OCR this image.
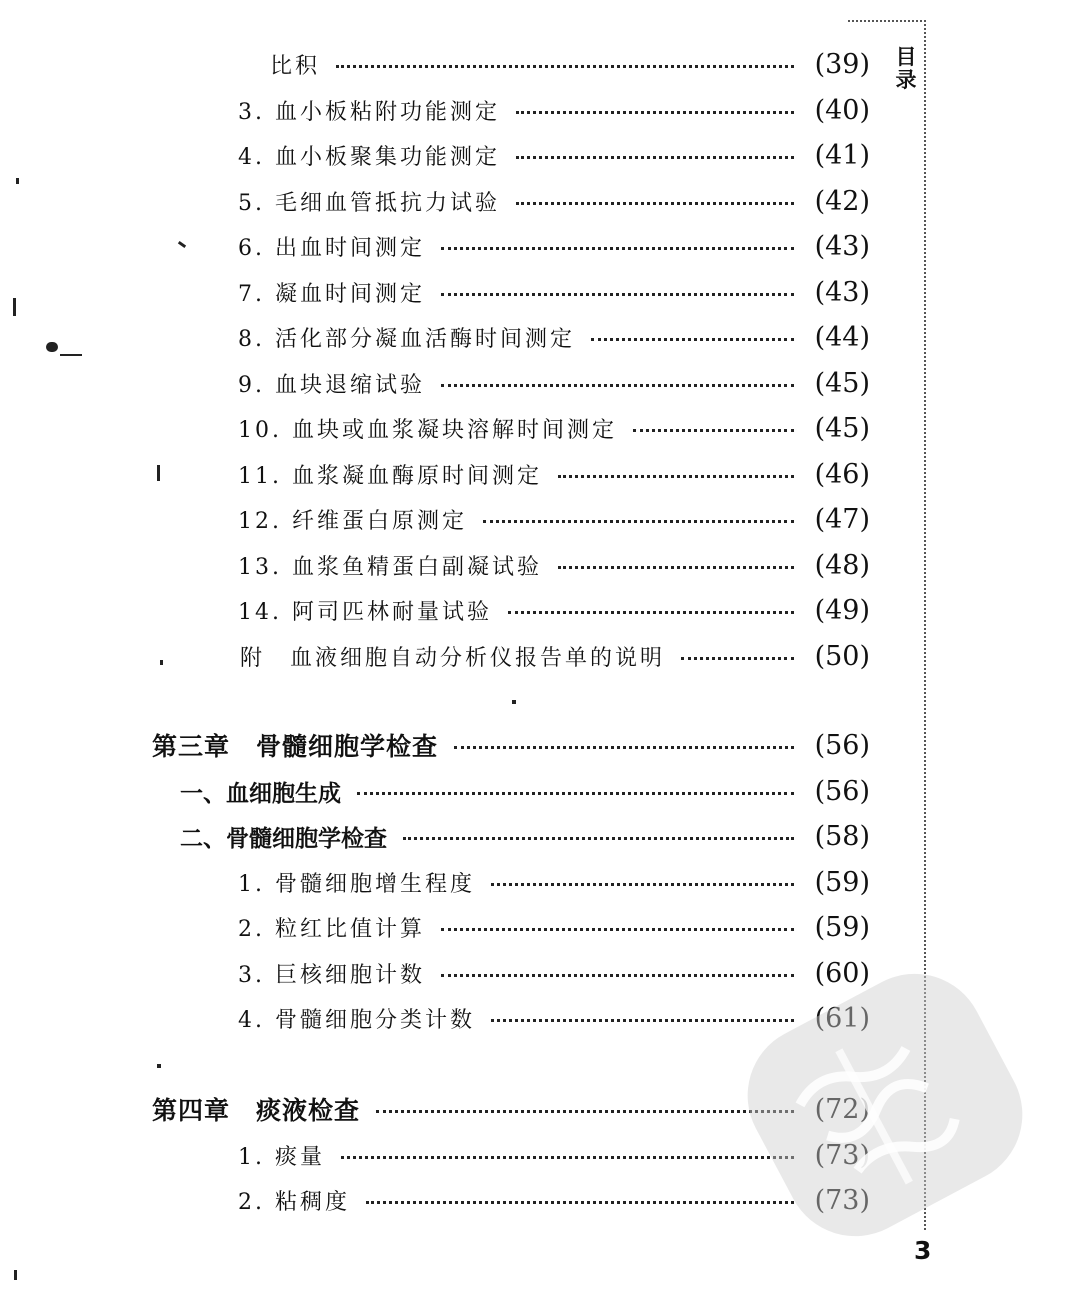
目
录
比积	(39)
3. 血小板粘附功能测定	(40)
4. 血小板聚集功能测定	(41)
5. 毛细血管抵抗力试验	(42)
6. 出血时间测定	(43)
7. 凝血时间测定	(43)
8. 活化部分凝血活酶时间测定	(44)
9. 血块退缩试验	(45)
10. 血块或血浆凝块溶解时间测定	(45)
11. 血浆凝血酶原时间测定	(46)
12. 纤维蛋白原测定	(47)
13. 血浆鱼精蛋白副凝试验	(48)
14. 阿司匹林耐量试验	(49)
附　血液细胞自动分析仪报告单的说明	(50)
第三章　骨髓细胞学检查	(56)
一、血细胞生成	(56)
二、骨髓细胞学检查	(58)
1. 骨髓细胞增生程度	(59)
2. 粒红比值计算	(59)
3. 巨核细胞计数	(60)
4. 骨髓细胞分类计数	(61)
第四章　痰液检查	(72)
1. 痰量	(73)
2. 粘稠度	(73)
3
